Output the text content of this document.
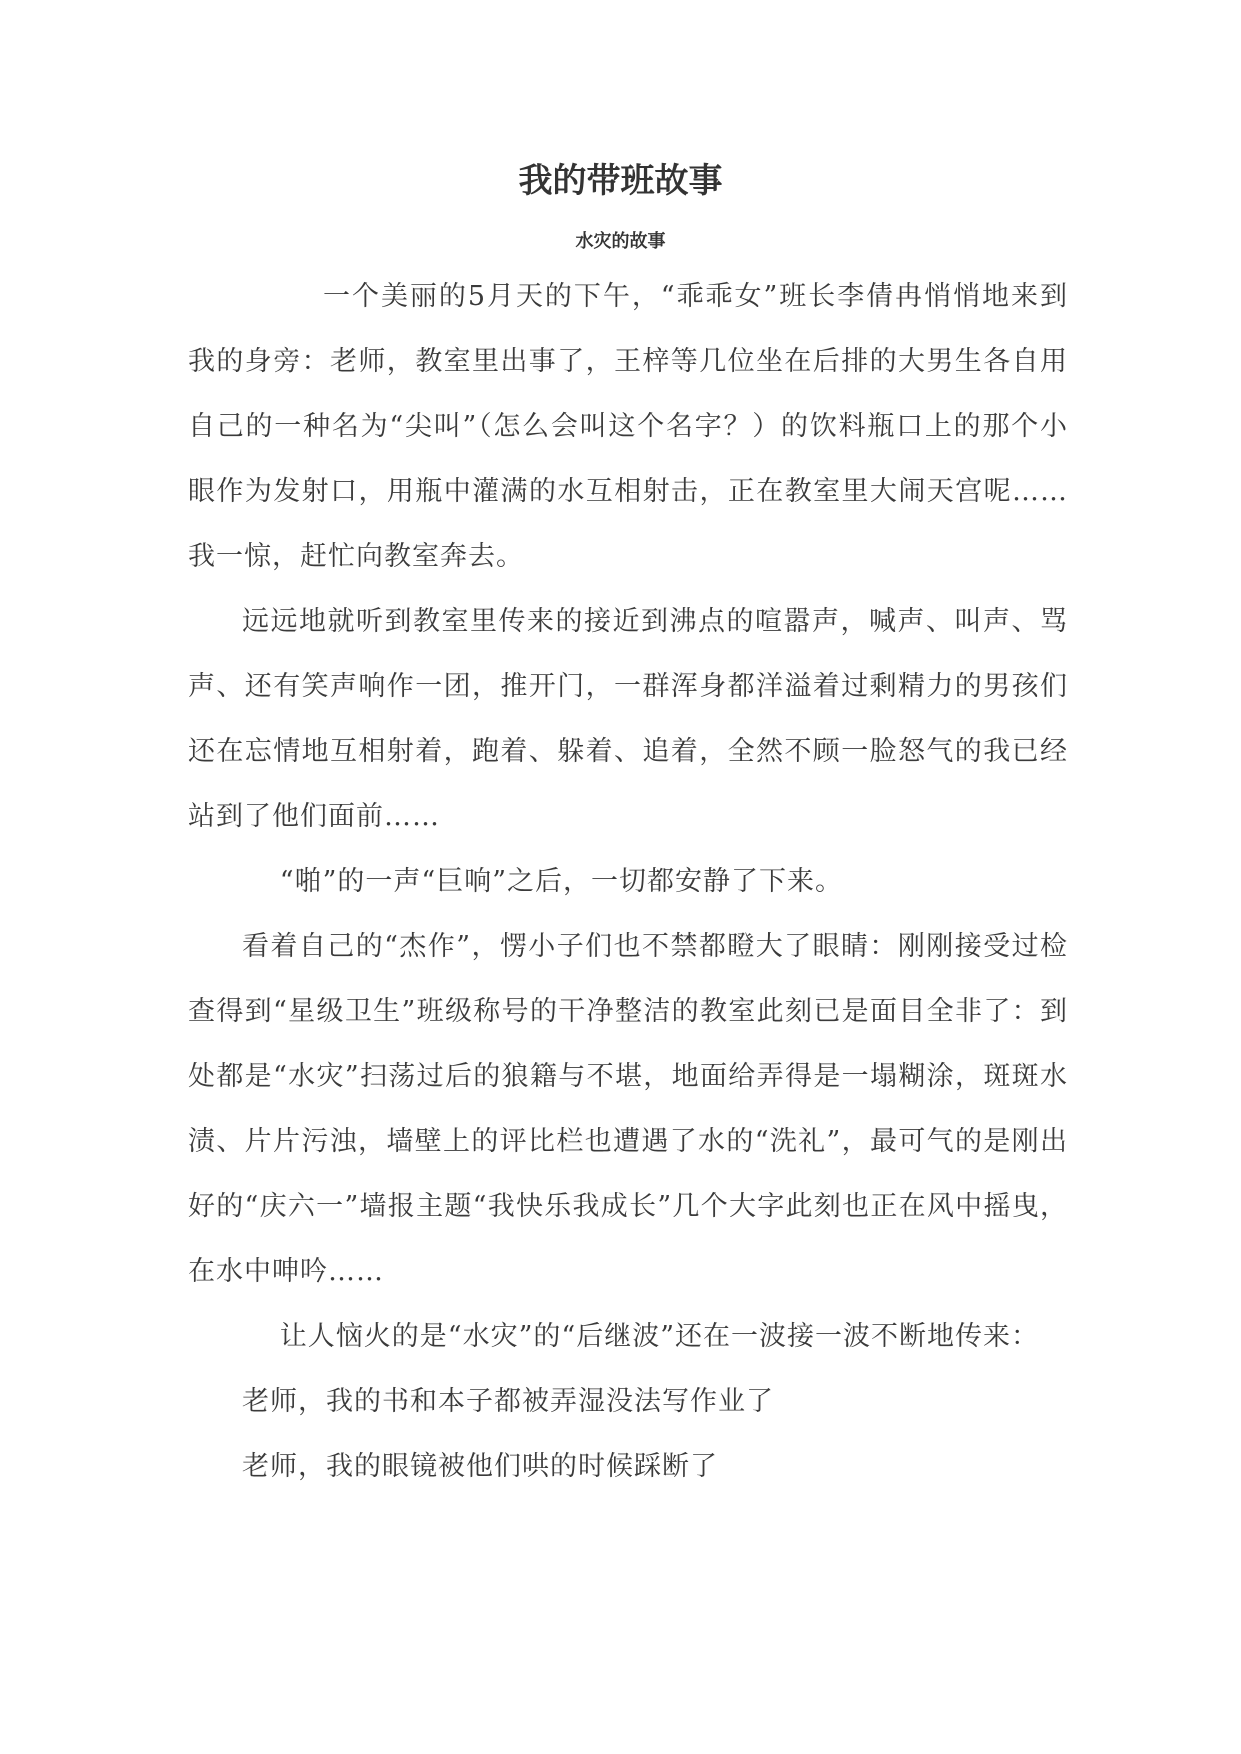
我的带班故事
水灾的故事

一个美丽的5月天的下午，“乖乖女”班长李倩冉悄悄地来到我的身旁：老师，教室里出事了，王梓等几位坐在后排的大男生各自用自己的一种名为“尖叫”（怎么会叫这个名字？）的饮料瓶口上的那个小眼作为发射口，用瓶中灌满的水互相射击，正在教室里大闹天宫呢……我一惊，赶忙向教室奔去。

远远地就听到教室里传来的接近到沸点的喧嚣声，喊声、叫声、骂声、还有笑声响作一团，推开门，一群浑身都洋溢着过剩精力的男孩们还在忘情地互相射着，跑着、躲着、追着，全然不顾一脸怒气的我已经站到了他们面前……

“啪”的一声“巨响”之后，一切都安静了下来。

看着自己的“杰作”，愣小子们也不禁都瞪大了眼睛：刚刚接受过检查得到“星级卫生”班级称号的干净整洁的教室此刻已是面目全非了：到处都是“水灾”扫荡过后的狼籍与不堪，地面给弄得是一塌糊涂，斑斑水渍、片片污浊，墙壁上的评比栏也遭遇了水的“洗礼”，最可气的是刚出好的“庆六一”墙报主题“我快乐我成长”几个大字此刻也正在风中摇曳，在水中呻吟……

让人恼火的是“水灾”的“后继波”还在一波接一波不断地传来：

老师，我的书和本子都被弄湿没法写作业了

老师，我的眼镜被他们哄的时候踩断了
